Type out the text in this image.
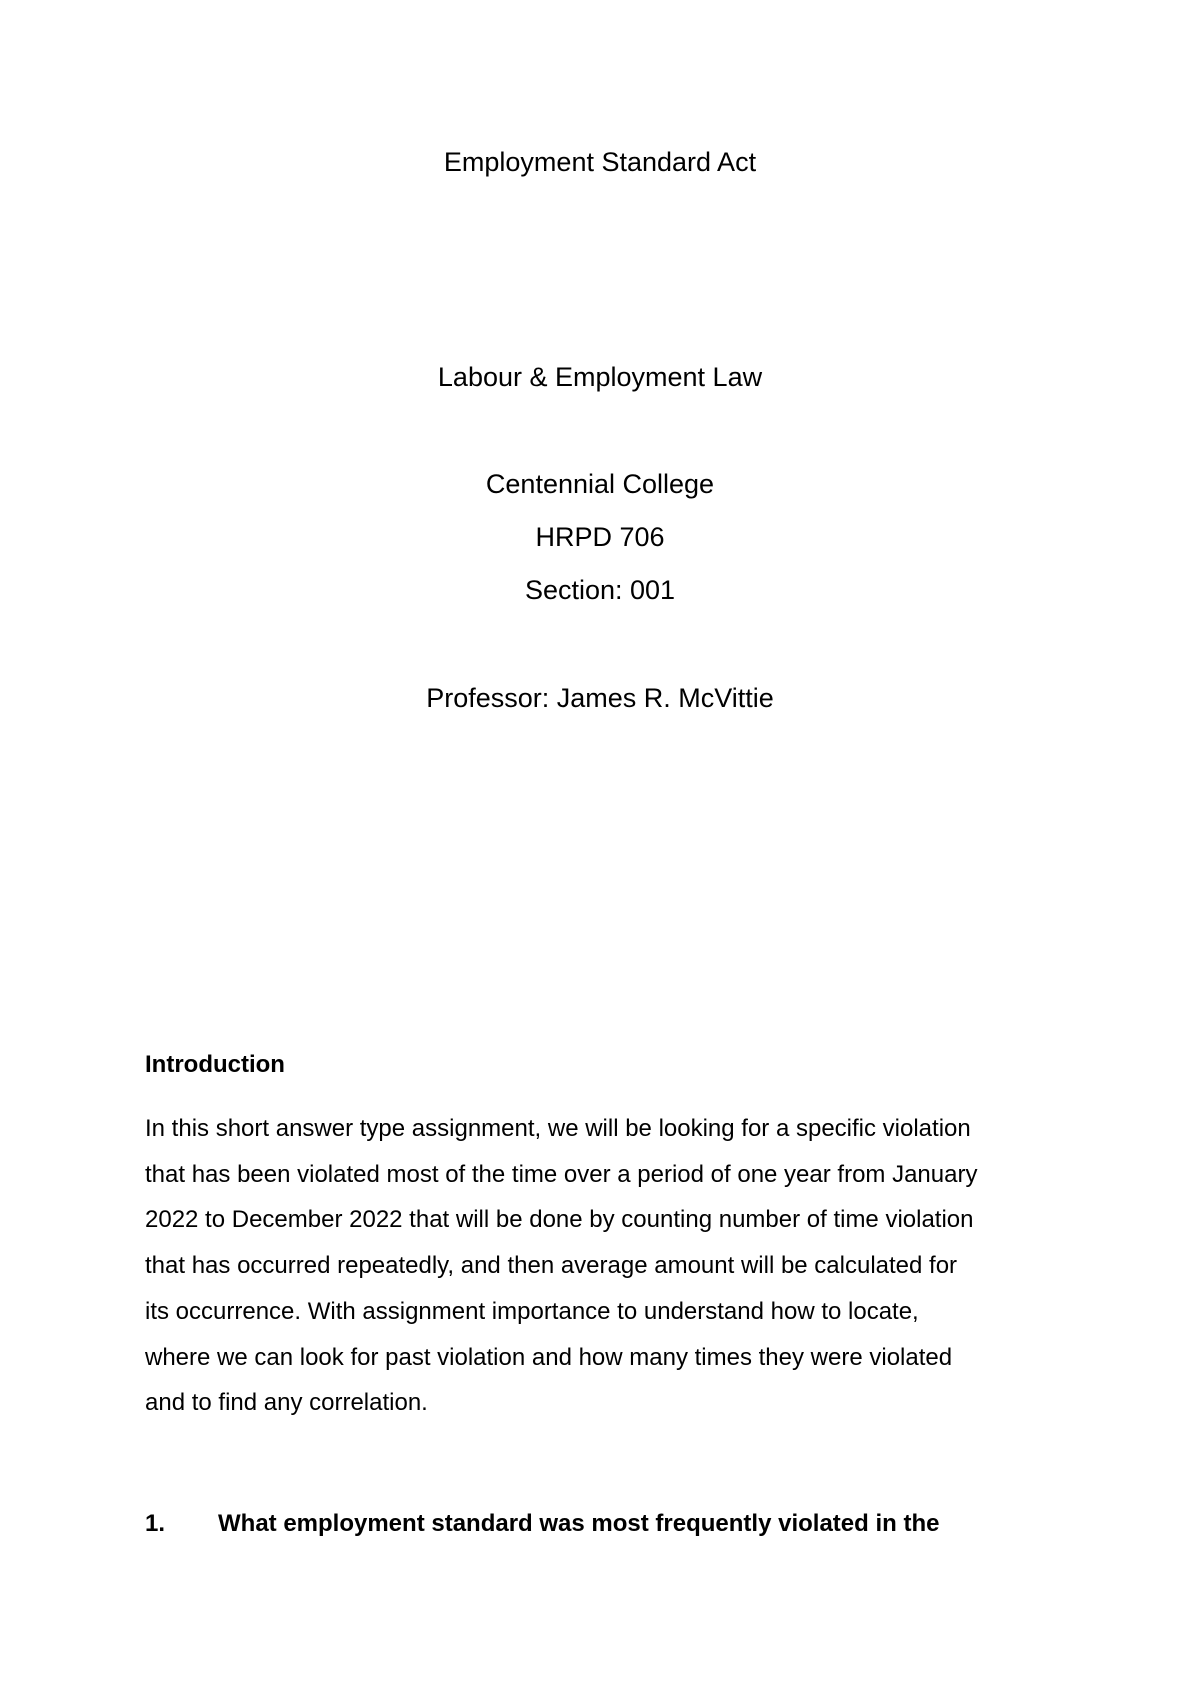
Employment Standard Act
Labour & Employment Law
Centennial College
HRPD 706
Section: 001
Professor: James R. McVittie
Introduction
In this short answer type assignment, we will be looking for a specific violation
that has been violated most of the time over a period of one year from January
2022 to December 2022 that will be done by counting number of time violation
that has occurred repeatedly, and then average amount will be calculated for
its occurrence. With assignment importance to understand how to locate,
where we can look for past violation and how many times they were violated
and to find any correlation.
1. What employment standard was most frequently violated in the
